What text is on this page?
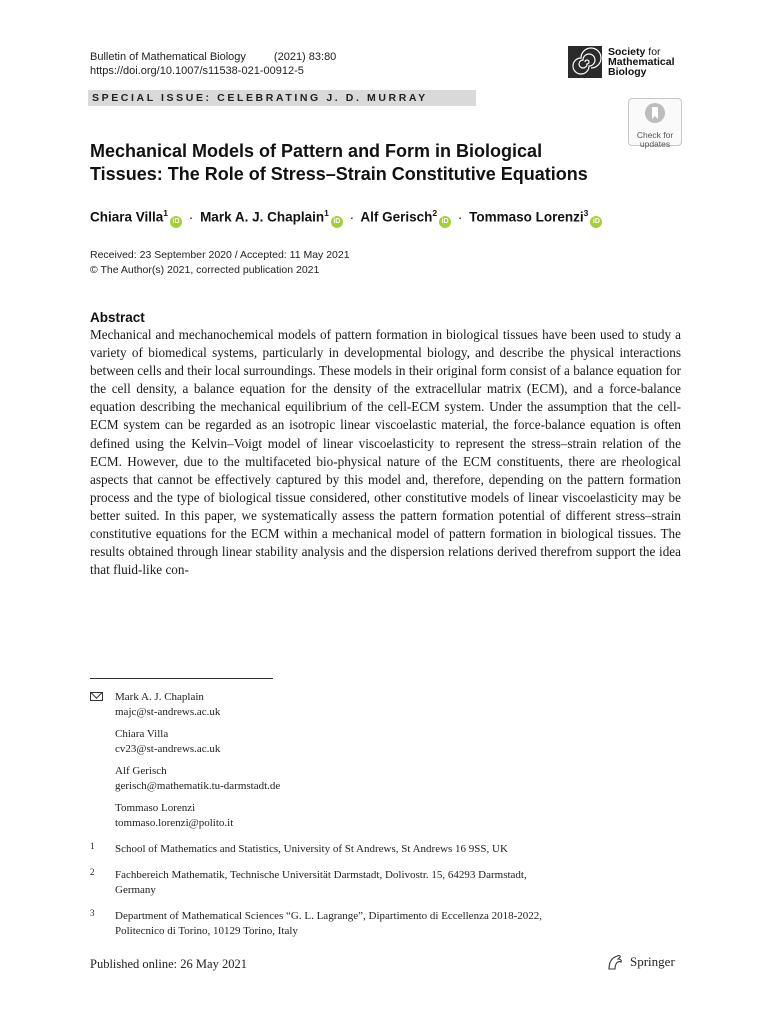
Bulletin of Mathematical Biology	(2021) 83:80
https://doi.org/10.1007/s11538-021-00912-5
Society for
Mathematical
Biology
SPECIAL ISSUE: CELEBRATING J. D. MURRAY
Check for
updates
Mechanical Models of Pattern and Form in Biological
Tissues: The Role of Stress–Strain Constitutive Equations
Chiara Villa$^1$iD · Mark A. J. Chaplain$^1$iD · Alf Gerisch$^2$iD · Tommaso Lorenzi$^3$iD
Received: 23 September 2020 / Accepted: 11 May 2021
© The Author(s) 2021, corrected publication 2021
Abstract
Mechanical and mechanochemical models of pattern formation in biological tissues have been used to study a variety of biomedical systems, particularly in developmental biology, and describe the physical interactions between cells and their local surroundings. These models in their original form consist of a balance equation for the cell density, a balance equation for the density of the extracellular matrix (ECM), and a force-balance equation describing the mechanical equilibrium of the cell-ECM system. Under the assumption that the cell-ECM system can be regarded as an isotropic linear viscoelastic material, the force-balance equation is often defined using the Kelvin–Voigt model of linear viscoelasticity to represent the stress–strain relation of the ECM. However, due to the multifaceted bio-physical nature of the ECM constituents, there are rheological aspects that cannot be effectively captured by this model and, therefore, depending on the pattern formation process and the type of biological tissue considered, other constitutive models of linear viscoelasticity may be better suited. In this paper, we systematically assess the pattern formation potential of different stress–strain constitutive equations for the ECM within a mechanical model of pattern formation in biological tissues. The results obtained through linear stability analysis and the dispersion relations derived therefrom support the idea that fluid-like con-
Mark A. J. Chaplain
majc@st-andrews.ac.uk
Chiara Villa
cv23@st-andrews.ac.uk
Alf Gerisch
gerisch@mathematik.tu-darmstadt.de
Tommaso Lorenzi
tommaso.lorenzi@polito.it
1 School of Mathematics and Statistics, University of St Andrews, St Andrews 16 9SS, UK
2 Fachbereich Mathematik, Technische Universität Darmstadt, Dolivostr. 15, 64293 Darmstadt,
Germany
3 Department of Mathematical Sciences “G. L. Lagrange”, Dipartimento di Eccellenza 2018-2022,
Politecnico di Torino, 10129 Torino, Italy
Published online: 26 May 2021	Springer
